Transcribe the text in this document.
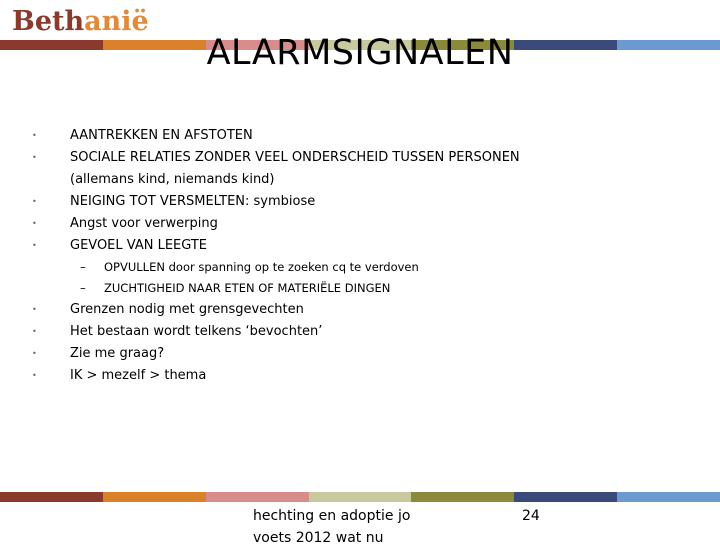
Bethanië
ALARMSIGNALEN
•	AANTREKKEN EN AFSTOTEN
•	SOCIALE RELATIES ZONDER VEEL ONDERSCHEID TUSSEN PERSONEN
(allemans kind, niemands kind)
•	NEIGING TOT VERSMELTEN: symbiose
•	Angst voor verwerping
•	GEVOEL VAN LEEGTE
– OPVULLEN door spanning op te zoeken cq te verdoven
– ZUCHTIGHEID NAAR ETEN OF MATERIËLE DINGEN
•	Grenzen nodig met grensgevechten
•	Het bestaan wordt telkens ‘bevochten’
•	Zie me graag?
•	IK > mezelf > thema
hechting en adoptie jo voets 2012 wat nu
24
